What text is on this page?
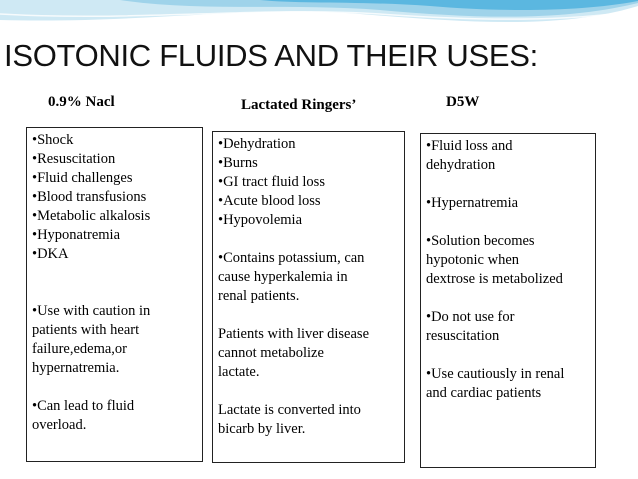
ISOTONIC FLUIDS AND THEIR USES:
0.9% Nacl	Lactated Ringers’	D5W
•Shock
•Resuscitation
•Fluid challenges
•Blood transfusions
•Metabolic alkalosis
•Hyponatremia
•DKA
•Use with caution in
patients with heart
failure,edema,or
hypernatremia.
•Can lead to fluid
overload.
•Dehydration
•Burns
•GI tract fluid loss
•Acute blood loss
•Hypovolemia
•Contains potassium, can
cause hyperkalemia in
renal patients.
Patients with liver disease
cannot metabolize
lactate.
Lactate is converted into
bicarb by liver.
•Fluid loss and
dehydration
•Hypernatremia
•Solution becomes
hypotonic when
dextrose is metabolized
•Do not use for
resuscitation
•Use cautiously in renal
and cardiac patients
